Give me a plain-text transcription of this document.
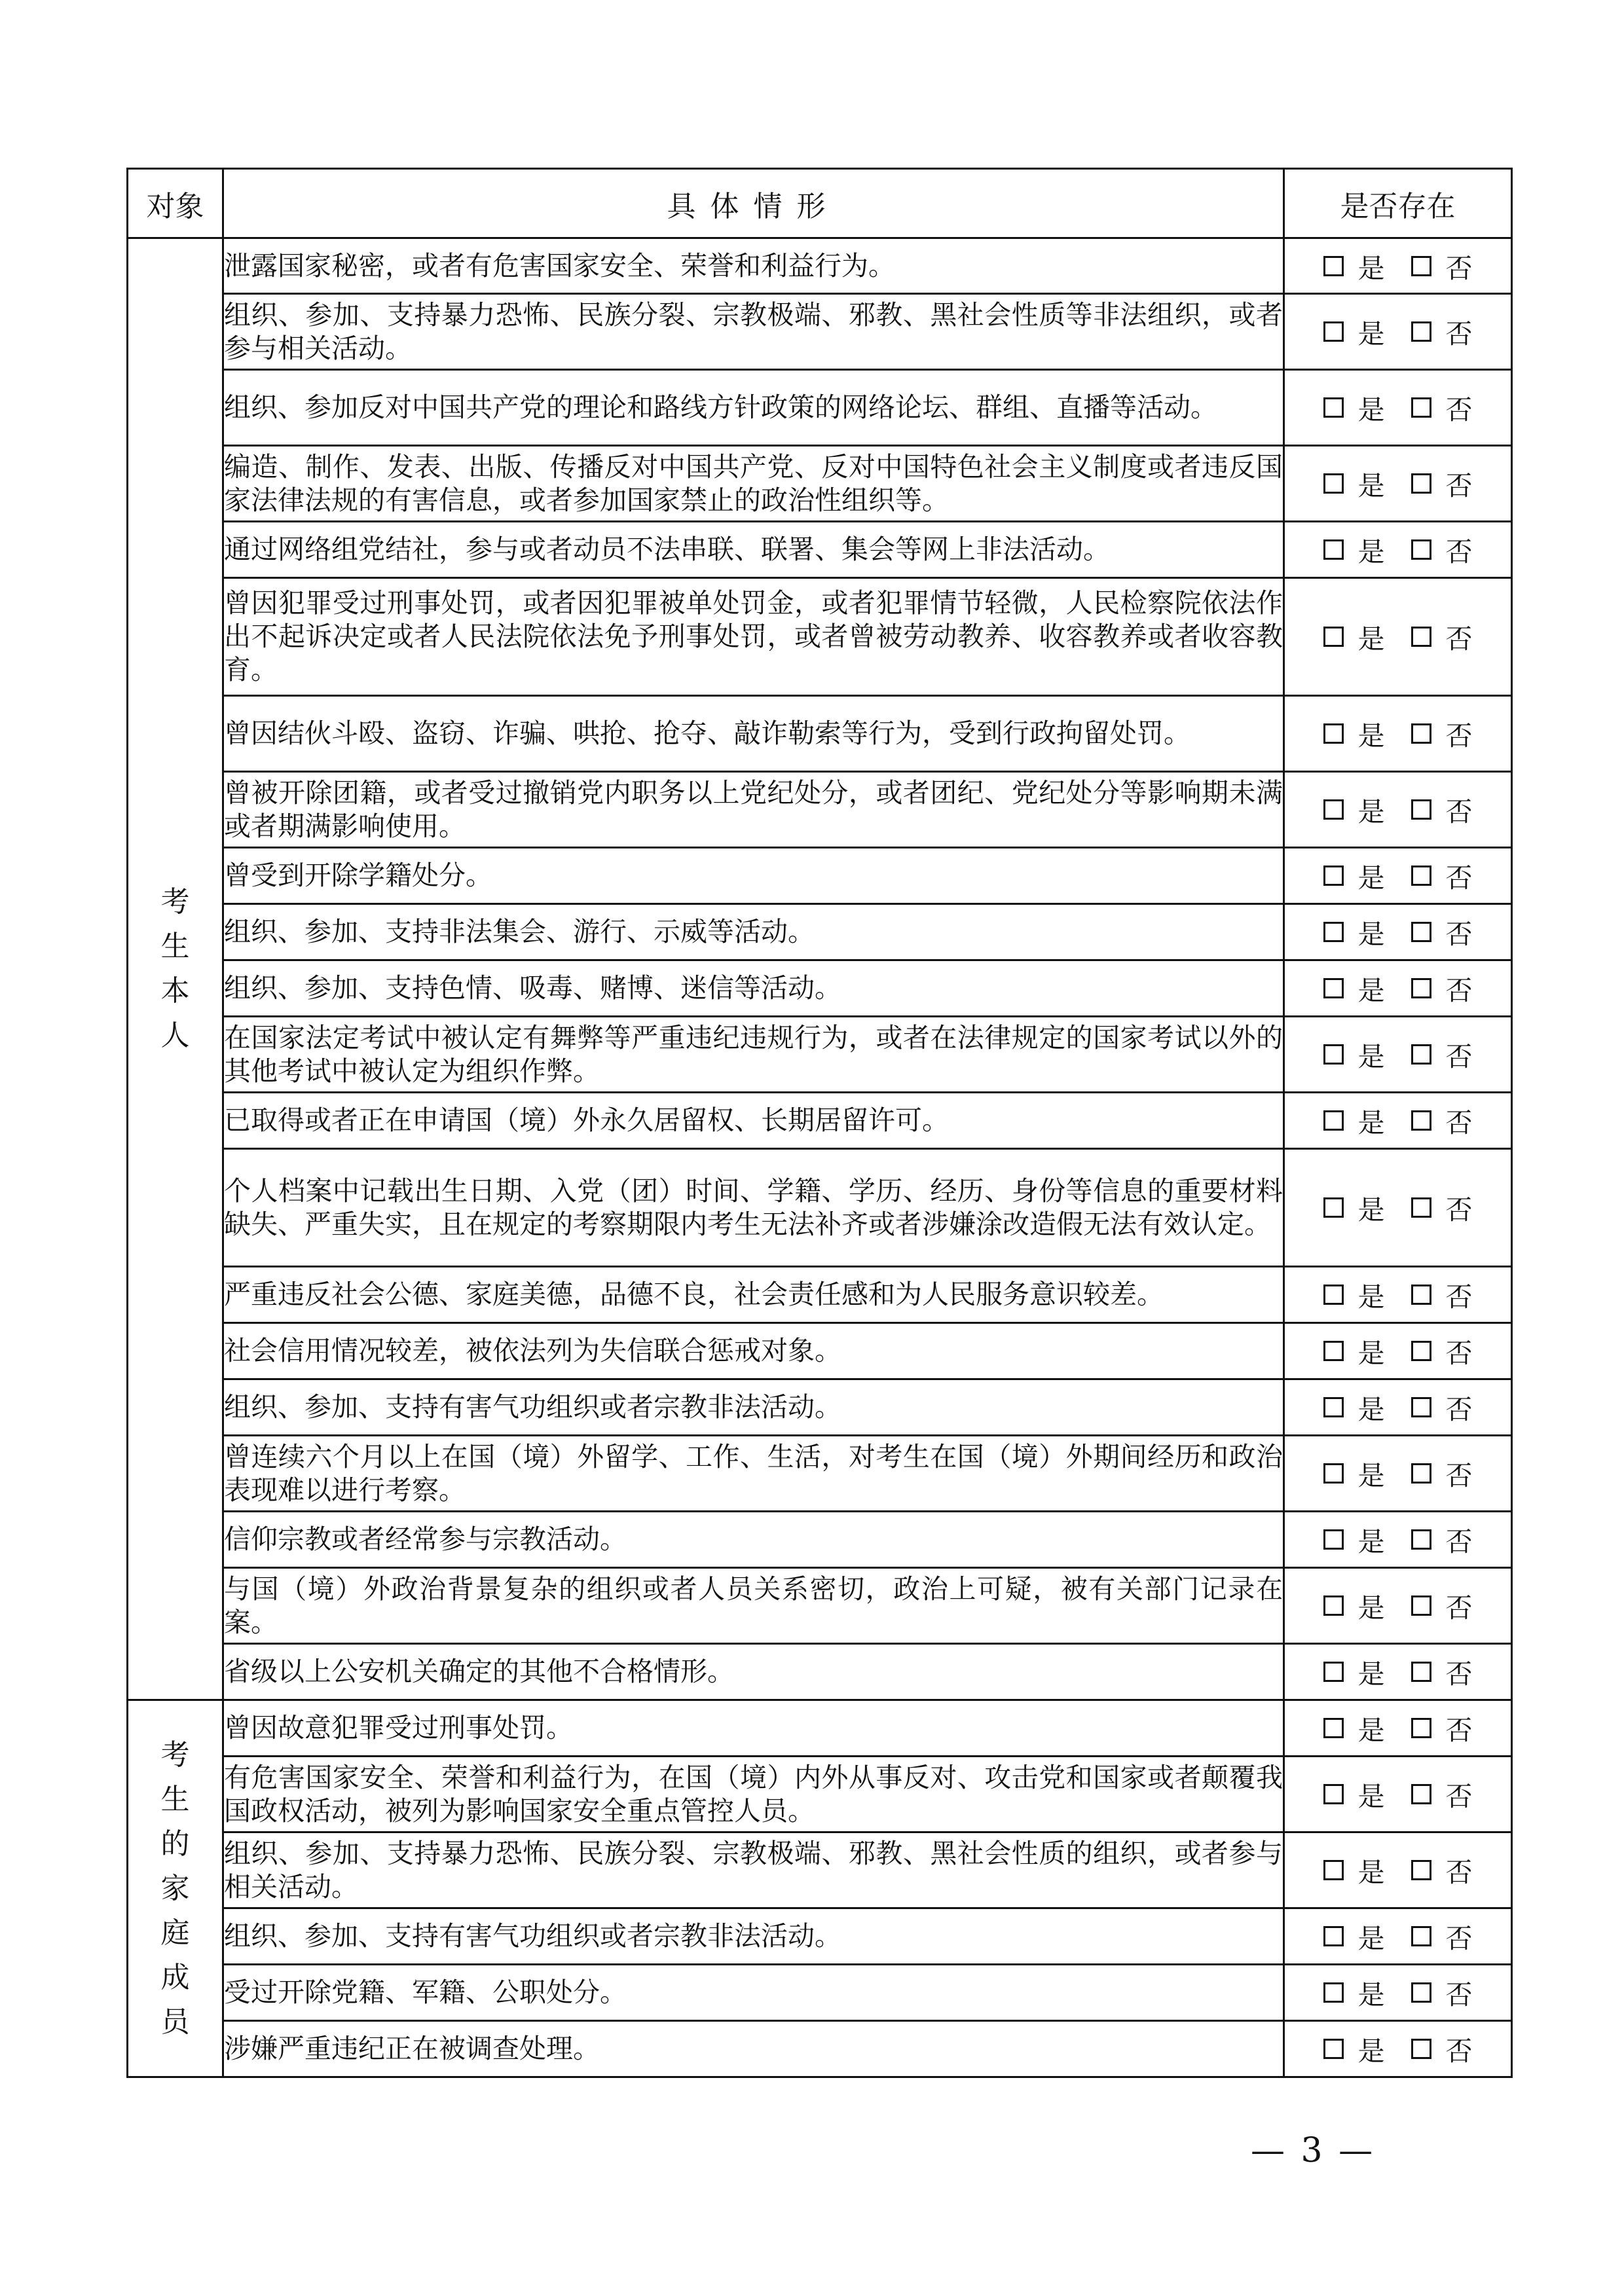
对象	具体情形	是否存在
考生本人	泄露国家秘密，或者有危害国家安全、荣誉和利益行为。	是 否

	组织、参加、支持暴力恐怖、民族分裂、宗教极端、邪教、黑社会性质等非法组织，或者参与相关活动。	是 否

	组织、参加反对中国共产党的理论和路线方针政策的网络论坛、群组、直播等活动。	是 否

	编造、制作、发表、出版、传播反对中国共产党、反对中国特色社会主义制度或者违反国家法律法规的有害信息，或者参加国家禁止的政治性组织等。	是 否

	通过网络组党结社，参与或者动员不法串联、联署、集会等网上非法活动。	是 否

	曾因犯罪受过刑事处罚，或者因犯罪被单处罚金，或者犯罪情节轻微，人民检察院依法作出不起诉决定或者人民法院依法免予刑事处罚，或者曾被劳动教养、收容教养或者收容教育。	是 否

	曾因结伙斗殴、盗窃、诈骗、哄抢、抢夺、敲诈勒索等行为，受到行政拘留处罚。	是 否

	曾被开除团籍，或者受过撤销党内职务以上党纪处分，或者团纪、党纪处分等影响期未满或者期满影响使用。	是 否

	曾受到开除学籍处分。	是 否

	组织、参加、支持非法集会、游行、示威等活动。	是 否

	组织、参加、支持色情、吸毒、赌博、迷信等活动。	是 否

	在国家法定考试中被认定有舞弊等严重违纪违规行为，或者在法律规定的国家考试以外的其他考试中被认定为组织作弊。	是 否

	已取得或者正在申请国（境）外永久居留权、长期居留许可。	是 否

	个人档案中记载出生日期、入党（团）时间、学籍、学历、经历、身份等信息的重要材料缺失、严重失实，且在规定的考察期限内考生无法补齐或者涉嫌涂改造假无法有效认定。	是 否

	严重违反社会公德、家庭美德，品德不良，社会责任感和为人民服务意识较差。	是 否

	社会信用情况较差，被依法列为失信联合惩戒对象。	是 否

	组织、参加、支持有害气功组织或者宗教非法活动。	是 否

	曾连续六个月以上在国（境）外留学、工作、生活，对考生在国（境）外期间经历和政治表现难以进行考察。	是 否

	信仰宗教或者经常参与宗教活动。	是 否

	与国（境）外政治背景复杂的组织或者人员关系密切，政治上可疑，被有关部门记录在案。	是 否

	省级以上公安机关确定的其他不合格情形。	是 否

考生的家庭成员	曾因故意犯罪受过刑事处罚。	是 否

	有危害国家安全、荣誉和利益行为，在国（境）内外从事反对、攻击党和国家或者颠覆我国政权活动，被列为影响国家安全重点管控人员。	是 否

	组织、参加、支持暴力恐怖、民族分裂、宗教极端、邪教、黑社会性质的组织，或者参与相关活动。	是 否

	组织、参加、支持有害气功组织或者宗教非法活动。	是 否

	受过开除党籍、军籍、公职处分。	是 否

	涉嫌严重违纪正在被调查处理。	是 否
— 3 —
